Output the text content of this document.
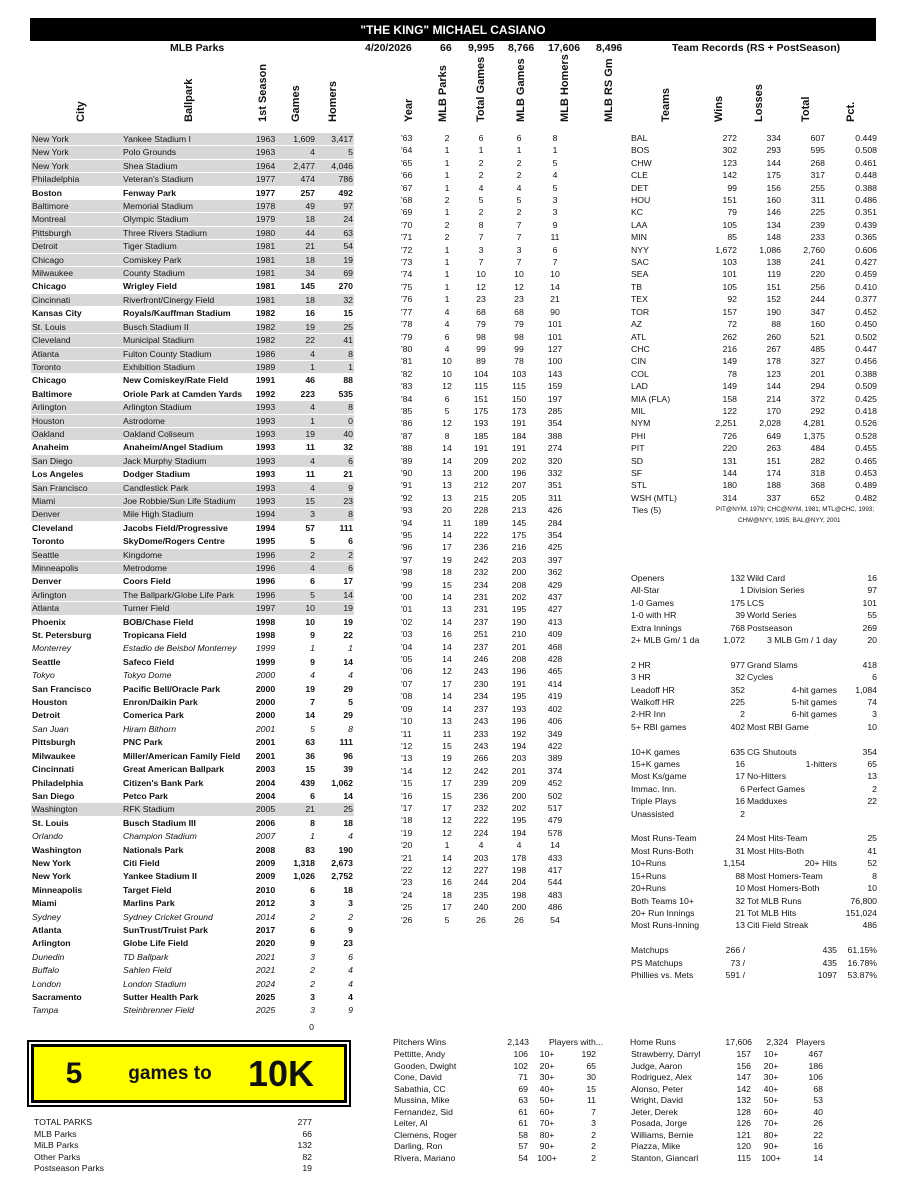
"THE KING" MICHAEL CASIANO
MLB Parks	4/20/2026	66 9,995 8,766 17,606 8,496	Team Records (RS + PostSeason)
City	Ballpark	1st Season Games Homers	Year MLB Parks Total Games	MLB Games	MLB Homers	MLB RS Gm	Teams	Wins	Losses	Total	Pct.
New York	Yankee Stadium I	1963	1,609	3,417
New York	Polo Grounds	1963	4	5
New York	Shea Stadium	1964	2,477	4,046
Philadelphia	Veteran's Stadium	1977	474	786
Boston	Fenway Park	1977	257	492
Baltimore	Memorial Stadium	1978	49	97
Montreal	Olympic Stadium	1979	18	24
Pittsburgh	Three Rivers Stadium	1980	44	63
Detroit	Tiger Stadium	1981	21	54
Chicago	Comiskey Park	1981	18	19
Milwaukee	County Stadium	1981	34	69
Chicago	Wrigley Field	1981	145	270
Cincinnati	Riverfront/Cinergy Field	1981	18	32
Kansas City	Royals/Kauffman Stadium	1982	16	15
St. Louis	Busch Stadium II	1982	19	25
Cleveland	Municipal Stadium	1982	22	41
Atlanta	Fulton County Stadium	1986	4	8
Toronto	Exhibition Stadium	1989	1	1
Chicago	New Comiskey/Rate Field	1991	46	88
Baltimore	Oriole Park at Camden Yards	1992	223	535
Arlington	Arlington Stadium	1993	4	8
Houston	Astrodome	1993	1	0
Oakland	Oakland Coliseum	1993	19	40
Anaheim	Anaheim/Angel Stadium	1993	11	32
San Diego	Jack Murphy Stadium	1993	4	6
Los Angeles	Dodger Stadium	1993	11	21
San Francisco	Candlestick Park	1993	4	9
Miami	Joe Robbie/Sun Life Stadium	1993	15	23
Denver	Mile High Stadium	1994	3	8
Cleveland	Jacobs Field/Progressive	1994	57	111
Toronto	SkyDome/Rogers Centre	1995	5	6
Seattle	Kingdome	1996	2	2
Minneapolis	Metrodome	1996	4	6
Denver	Coors Field	1996	6	17
Arlington	The Ballpark/Globe Life Park	1996	5	14
Atlanta	Turner Field	1997	10	19
Phoenix	BOB/Chase Field	1998	10	19
St. Petersburg	Tropicana Field	1998	9	22
Monterrey	Estadio de Beisbol Monterrey	1999	1	1
Seattle	Safeco Field	1999	9	14
Tokyo	Tokyo Dome	2000	4	4
San Francisco	Pacific Bell/Oracle Park	2000	19	29
Houston	Enron/Daikin Park	2000	7	5
Detroit	Comerica Park	2000	14	29
San Juan	Hiram Bithorn	2001	5	8
Pittsburgh	PNC Park	2001	63	111
Milwaukee	Miller/American Family Field	2001	36	96
Cincinnati	Great American Ballpark	2003	15	39
Philadelphia	Citizen's Bank Park	2004	439	1,062
San Diego	Petco Park	2004	6	14
Washington	RFK Stadium	2005	21	25
St. Louis	Busch Stadium III	2006	8	18
Orlando	Champion Stadium	2007	1	4
Washington	Nationals Park	2008	83	190
New York	Citi Field	2009	1,318	2,673
New York	Yankee Stadium II	2009	1,026	2,752
Minneapolis	Target Field	2010	6	18
Miami	Marlins Park	2012	3	3
Sydney	Sydney Cricket Ground	2014	2	2
Atlanta	SunTrust/Truist Park	2017	6	9
Arlington	Globe Life Field	2020	9	23
Dunedin	TD Ballpark	2021	3	6
Buffalo	Sahlen Field	2021	2	4
London	London Stadium	2024	2	4
Sacramento	Sutter Health Park	2025	3	4
Tampa	Steinbrenner Field	2025	3	9
0
'63	2	6	6	8
'64	1	1	1	1
'65	1	2	2	5
'66	1	2	2	4
'67	1	4	4	5
'68	2	5	5	3
'69	1	2	2	3
'70	2	8	7	9
'71	2	7	7	11
'72	1	3	3	6
'73	1	7	7	7
'74	1	10	10	10
'75	1	12	12	14
'76	1	23	23	21
'77	4	68	68	90
'78	4	79	79	101
'79	6	98	98	101
'80	4	99	99	127
'81	10	89	78	100
'82	10	104	103	143
'83	12	115	115	159
'84	6	151	150	197
'85	5	175	173	285
'86	12	193	191	354
'87	8	185	184	388
'88	14	191	191	274
'89	14	209	202	320
'90	13	200	196	332
'91	13	212	207	351
'92	13	215	205	311
'93	20	228	213	426
'94	11	189	145	284
'95	14	222	175	354
'96	17	236	216	425
'97	19	242	203	397
'98	18	232	200	362
'99	15	234	208	429
'00	14	231	202	437
'01	13	231	195	427
'02	14	237	190	413
'03	16	251	210	409
'04	14	237	201	468
'05	14	246	208	428
'06	12	243	196	465
'07	17	230	191	414
'08	14	234	195	419
'09	14	237	193	402
'10	13	243	196	406
'11	11	233	192	349
'12	15	243	194	422
'13	19	266	203	389
'14	12	242	201	374
'15	17	239	209	452
'16	15	236	200	502
'17	17	232	202	517
'18	12	222	195	479
'19	12	224	194	578
'20	1	4	4	14
'21	14	203	178	433
'22	12	227	198	417
'23	16	244	204	544
'24	18	235	198	483
'25	17	240	200	486
'26	5	26	26	54
BAL	272	334	607	0.449
BOS	302	293	595	0.508
CHW	123	144	268	0.461
CLE	142	175	317	0.448
DET	99	156	255	0.388
HOU	151	160	311	0.486
KC	79	146	225	0.351
LAA	105	134	239	0.439
MIN	85	148	233	0.365
NYY	1,672	1,086	2,760	0.606
SAC	103	138	241	0.427
SEA	101	119	220	0.459
TB	105	151	256	0.410
TEX	92	152	244	0.377
TOR	157	190	347	0.452
AZ	72	88	160	0.450
ATL	262	260	521	0.502
CHC	216	267	485	0.447
CIN	149	178	327	0.456
COL	78	123	201	0.388
LAD	149	144	294	0.509
MIA (FLA)	158	214	372	0.425
MIL	122	170	292	0.418
NYM	2,251	2,028	4,281	0.526
PHI	726	649	1,375	0.528
PIT	220	263	484	0.455
SD	131	151	282	0.465
SF	144	174	318	0.453
STL	180	188	368	0.489
WSH (MTL)	314	337	652	0.482
Ties (5)	PIT@NYM, 1979; CHC@NYM, 1981; MTL@CHC, 1993;
CHW@NYY, 1995; BAL@NYY, 2001
Openers	132	Wild Card	16
All-Star	1	Division Series	97
1-0 Games	175	LCS	101
1-0 with HR	39	World Series	55
Extra Innings	768	Postseason	269
2+ MLB Gm/ 1 da	1,072	3 MLB Gm / 1 day	20

2 HR	977	Grand Slams	418
3 HR	32	Cycles	6
Leadoff HR	352	4-hit games	1,084
Walkoff HR	225	5-hit games	74
2-HR Inn	2	6-hit games	3
5+ RBI games	402	Most RBI Game	10

10+K games	635	CG Shutouts	354
15+K games	16	1-hitters	65
Most Ks/game	17	No-Hitters	13
Immac. Inn.	6	Perfect Games	2
Triple Plays	16	Madduxes	22
Unassisted	2		

Most Runs-Team	24	Most Hits-Team	25
Most Runs-Both	31	Most Hits-Both	41
10+Runs	1,154	20+ Hits	52
15+Runs	88	Most Homers-Team	8
20+Runs	10	Most Homers-Both	10
Both Teams 10+	32	Tot MLB Runs	76,800
20+ Run Innings	21	Tot MLB Hits	151,024
Most Runs-Inning	13	Citi Field Streak	486

Matchups	266 /	435	61.15%
PS Matchups	73 /	435	16.78%
Phillies vs. Mets	591 /	1097	53.87%
Pitchers Wins	2,143	Players with...
Pettitte, Andy	106	10+	192
Gooden, Dwight	102	20+	65
Cone, David	71	30+	30
Sabathia, CC	69	40+	15
Mussina, Mike	63	50+	11
Fernandez, Sid	61	60+	7
Leiter, Al	61	70+	3
Clemens, Roger	58	80+	2
Darling, Ron	57	90+	2
Rivera, Mariano	54	100+	2
Home Runs	17,606	2,324 Players
Strawberry, Darryl	157	10+	467
Judge, Aaron	156	20+	186
Rodriguez, Alex	147	30+	106
Alonso, Peter	142	40+	68
Wright, David	132	50+	53
Jeter, Derek	128	60+	40
Posada, Jorge	126	70+	26
Williams, Bernie	121	80+	22
Piazza, Mike	120	90+	16
Stanton, Giancarl	115	100+	14
5	games to	10K
TOTAL PARKS	277
MLB Parks	66
MiLB Parks	132
Other Parks	82
Postseason Parks	19
